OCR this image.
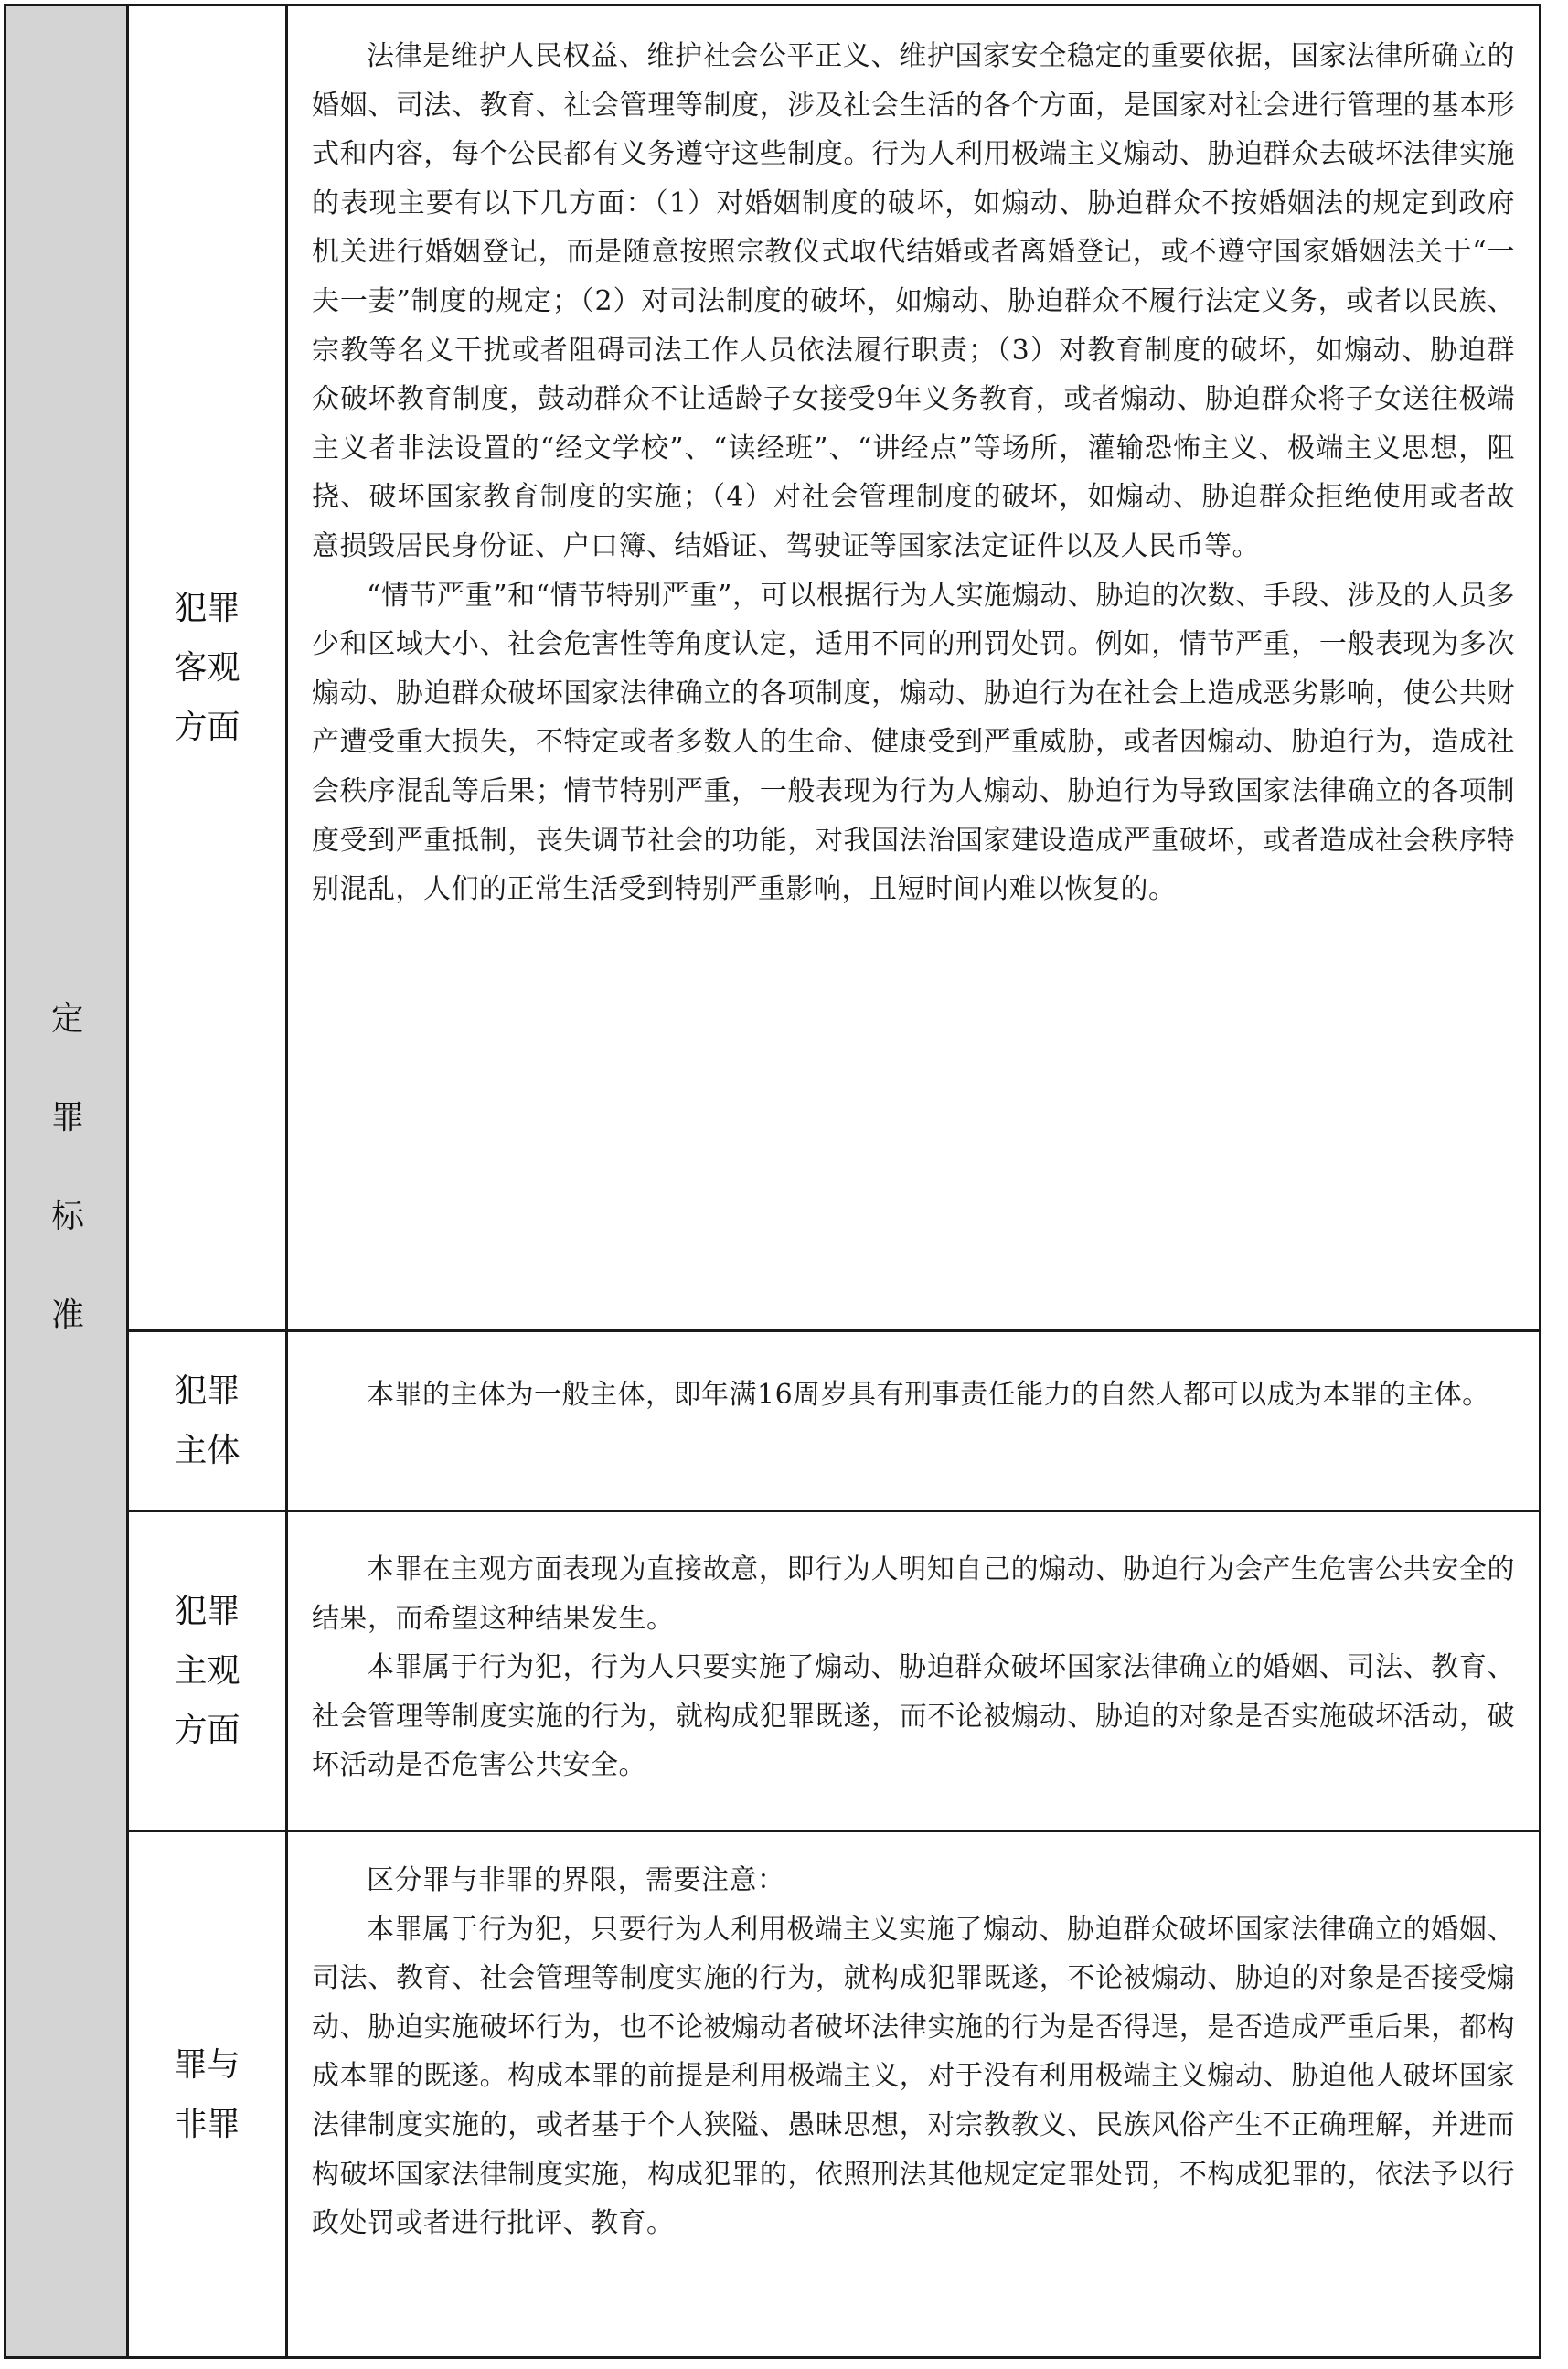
定
罪
标
准
犯罪
客观
方面

法律是维护人民权益、维护社会公平正义、维护国家安全稳定的重要依据，国家法律所确立的婚姻、司法、教育、社会管理等制度，涉及社会生活的各个方面，是国家对社会进行管理的基本形式和内容，每个公民都有义务遵守这些制度。行为人利用极端主义煽动、胁迫群众去破坏法律实施的表现主要有以下几方面：（1）对婚姻制度的破坏，如煽动、胁迫群众不按婚姻法的规定到政府机关进行婚姻登记，而是随意按照宗教仪式取代结婚或者离婚登记，或不遵守国家婚姻法关于“一夫一妻”制度的规定；（2）对司法制度的破坏，如煽动、胁迫群众不履行法定义务，或者以民族、宗教等名义干扰或者阻碍司法工作人员依法履行职责；（3）对教育制度的破坏，如煽动、胁迫群众破坏教育制度，鼓动群众不让适龄子女接受9年义务教育，或者煽动、胁迫群众将子女送往极端主义者非法设置的“经文学校”、“读经班”、“讲经点”等场所，灌输恐怖主义、极端主义思想，阻挠、破坏国家教育制度的实施；（4）对社会管理制度的破坏，如煽动、胁迫群众拒绝使用或者故意损毁居民身份证、户口簿、结婚证、驾驶证等国家法定证件以及人民币等。

“情节严重”和“情节特别严重”，可以根据行为人实施煽动、胁迫的次数、手段、涉及的人员多少和区域大小、社会危害性等角度认定，适用不同的刑罚处罚。例如，情节严重，一般表现为多次煽动、胁迫群众破坏国家法律确立的各项制度，煽动、胁迫行为在社会上造成恶劣影响，使公共财产遭受重大损失，不特定或者多数人的生命、健康受到严重威胁，或者因煽动、胁迫行为，造成社会秩序混乱等后果；情节特别严重，一般表现为行为人煽动、胁迫行为导致国家法律确立的各项制度受到严重抵制，丧失调节社会的功能，对我国法治国家建设造成严重破坏，或者造成社会秩序特别混乱，人们的正常生活受到特别严重影响，且短时间内难以恢复的。

犯罪
主体

本罪的主体为一般主体，即年满16周岁具有刑事责任能力的自然人都可以成为本罪的主体。

犯罪
主观
方面

本罪在主观方面表现为直接故意，即行为人明知自己的煽动、胁迫行为会产生危害公共安全的结果，而希望这种结果发生。

本罪属于行为犯，行为人只要实施了煽动、胁迫群众破坏国家法律确立的婚姻、司法、教育、社会管理等制度实施的行为，就构成犯罪既遂，而不论被煽动、胁迫的对象是否实施破坏活动，破坏活动是否危害公共安全。

罪与
非罪

区分罪与非罪的界限，需要注意：

本罪属于行为犯，只要行为人利用极端主义实施了煽动、胁迫群众破坏国家法律确立的婚姻、司法、教育、社会管理等制度实施的行为，就构成犯罪既遂，不论被煽动、胁迫的对象是否接受煽动、胁迫实施破坏行为，也不论被煽动者破坏法律实施的行为是否得逞，是否造成严重后果，都构成本罪的既遂。构成本罪的前提是利用极端主义，对于没有利用极端主义煽动、胁迫他人破坏国家法律制度实施的，或者基于个人狭隘、愚昧思想，对宗教教义、民族风俗产生不正确理解，并进而构破坏国家法律制度实施，构成犯罪的，依照刑法其他规定定罪处罚，不构成犯罪的，依法予以行政处罚或者进行批评、教育。
